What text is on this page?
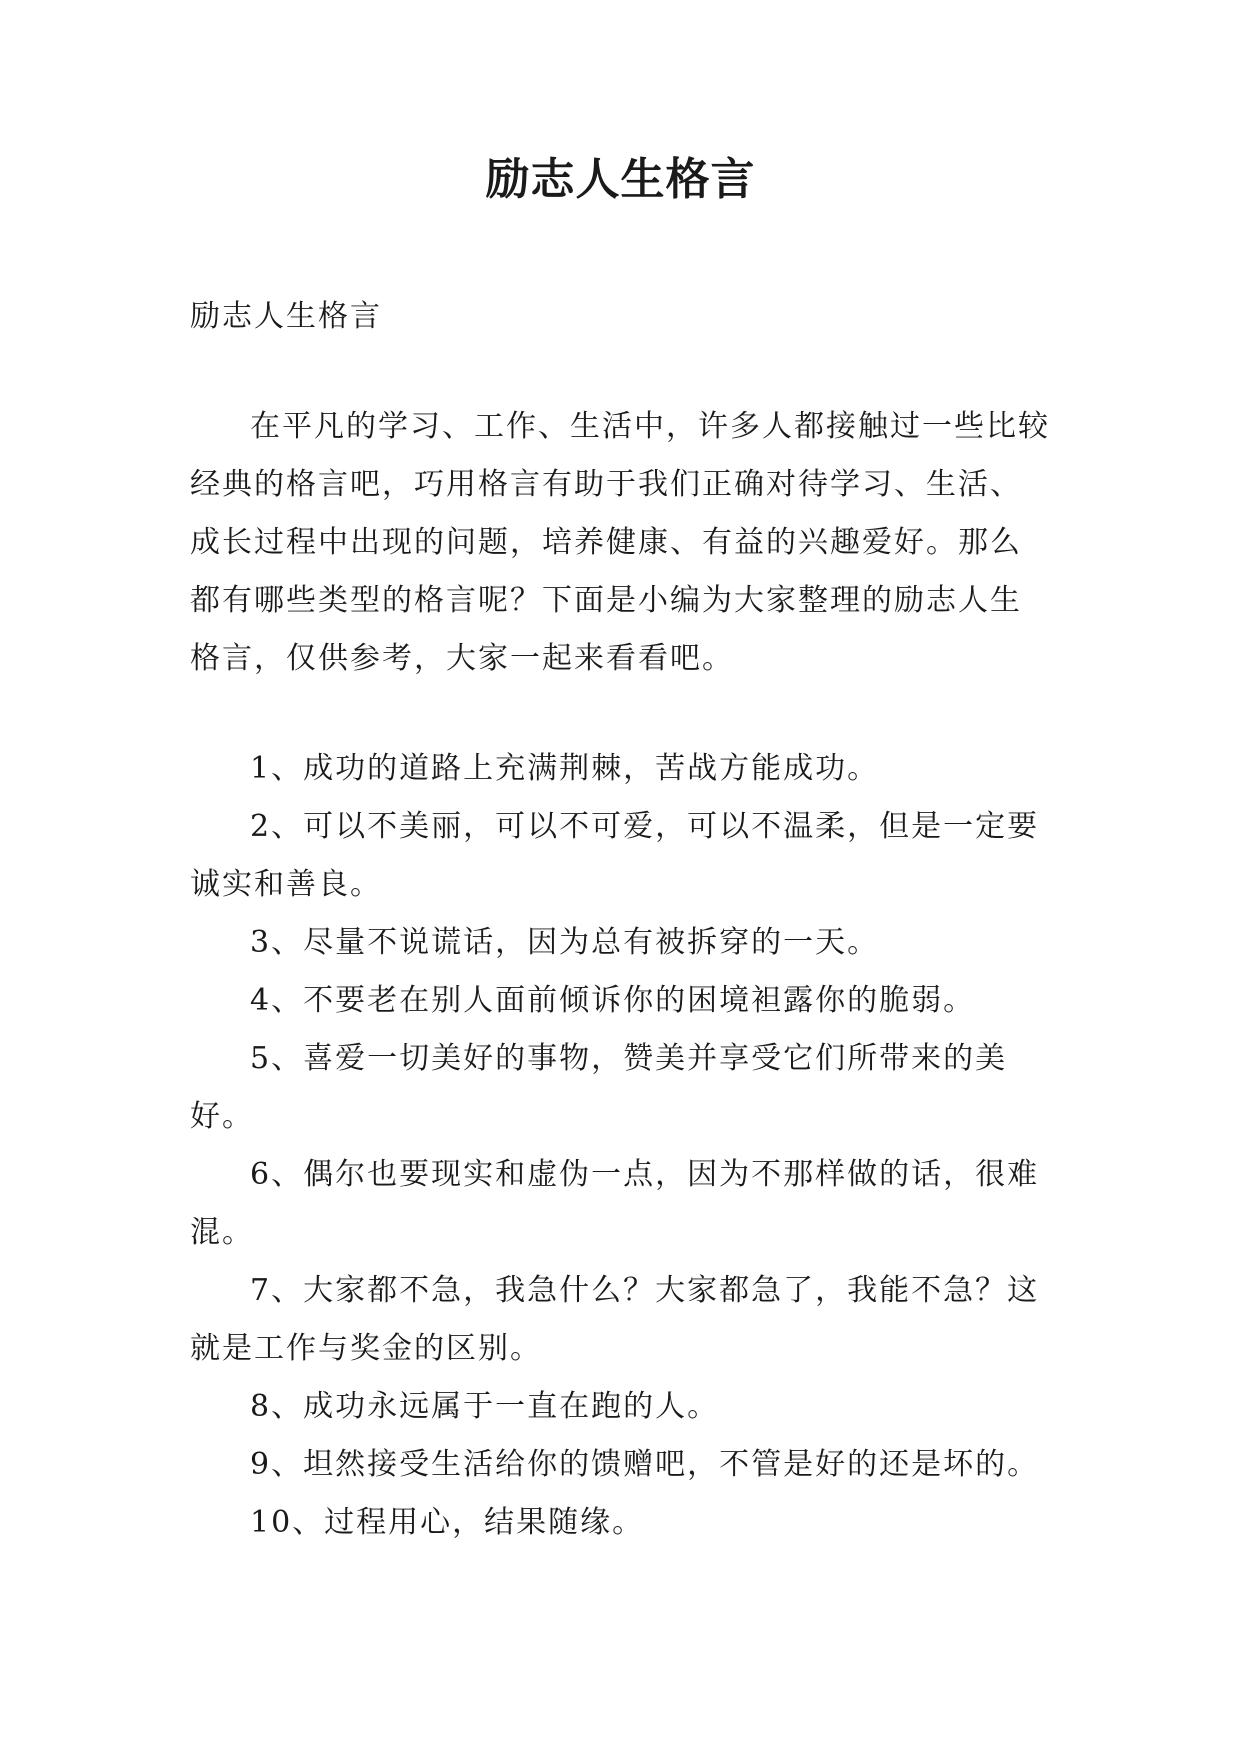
励志人生格言

励志人生格言

在平凡的学习、工作、生活中，许多人都接触过一些比较经典的格言吧，巧用格言有助于我们正确对待学习、生活、成长过程中出现的问题，培养健康、有益的兴趣爱好。那么都有哪些类型的格言呢？下面是小编为大家整理的励志人生格言，仅供参考，大家一起来看看吧。

1、成功的道路上充满荆棘，苦战方能成功。

2、可以不美丽，可以不可爱，可以不温柔，但是一定要诚实和善良。

3、尽量不说谎话，因为总有被拆穿的一天。

4、不要老在别人面前倾诉你的困境袒露你的脆弱。

5、喜爱一切美好的事物，赞美并享受它们所带来的美好。

6、偶尔也要现实和虚伪一点，因为不那样做的话，很难混。

7、大家都不急，我急什么？大家都急了，我能不急？这就是工作与奖金的区别。

8、成功永远属于一直在跑的人。

9、坦然接受生活给你的馈赠吧，不管是好的还是坏的。

10、过程用心，结果随缘。
